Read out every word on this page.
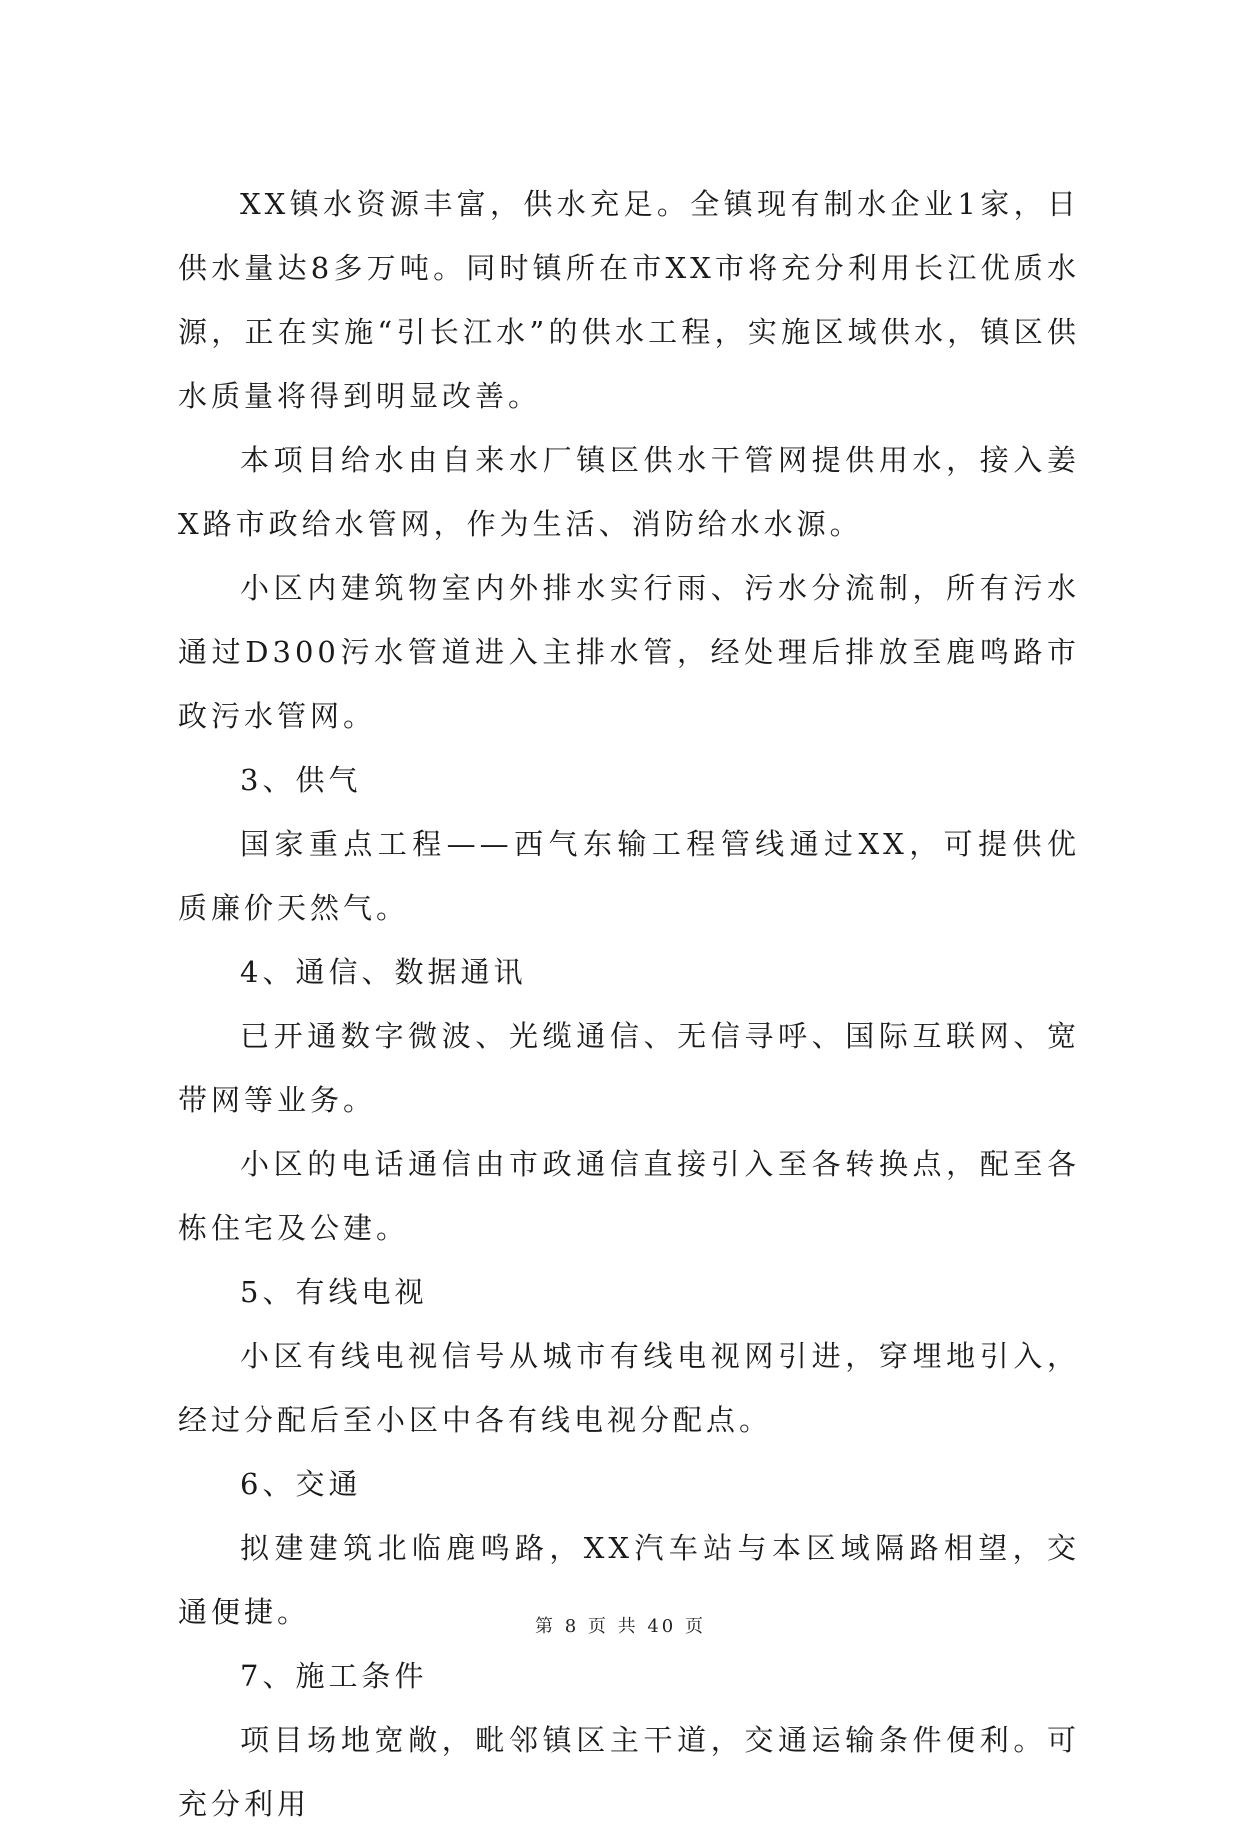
XX镇水资源丰富，供水充足。全镇现有制水企业1家，日供水量达8多万吨。同时镇所在市XX市将充分利用长江优质水源，正在实施“引长江水”的供水工程，实施区域供水，镇区供水质量将得到明显改善。

本项目给水由自来水厂镇区供水干管网提供用水，接入姜X路市政给水管网，作为生活、消防给水水源。

小区内建筑物室内外排水实行雨、污水分流制，所有污水通过D300污水管道进入主排水管，经处理后排放至鹿鸣路市政污水管网。

3、供气

国家重点工程——西气东输工程管线通过XX，可提供优质廉价天然气。

4、通信、数据通讯

已开通数字微波、光缆通信、无信寻呼、国际互联网、宽带网等业务。

小区的电话通信由市政通信直接引入至各转换点，配至各栋住宅及公建。

5、有线电视

小区有线电视信号从城市有线电视网引进，穿埋地引入，经过分配后至小区中各有线电视分配点。

6、交通

拟建建筑北临鹿鸣路，XX汽车站与本区域隔路相望，交通便捷。

7、施工条件

项目场地宽敞，毗邻镇区主干道，交通运输条件便利。可充分利用

第 8 页 共 40 页
